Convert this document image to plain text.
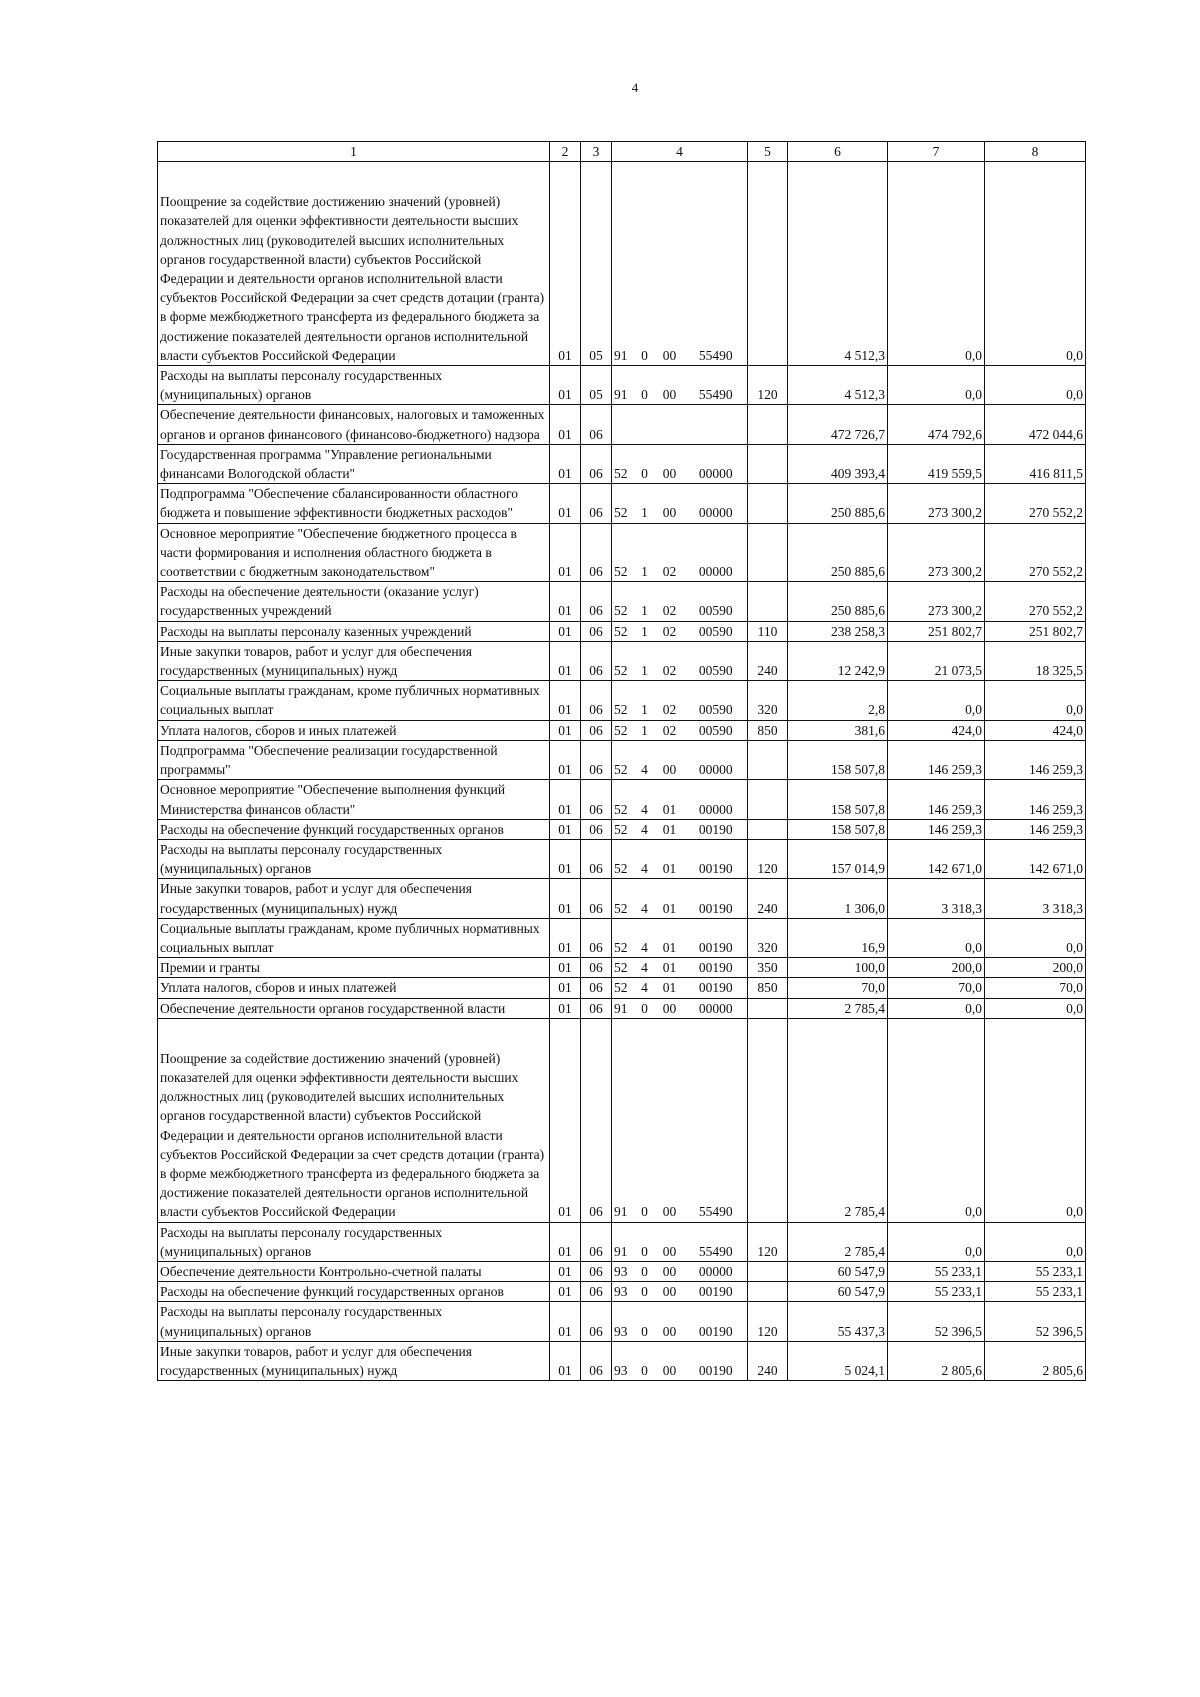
4
1	2	3	4				5	6	7	8
Поощрение за содействие достижению значений (уровней) показателей для оценки эффективности деятельности высших должностных лиц (руководителей высших исполнительных органов государственной власти) субъектов Российской Федерации и деятельности органов исполнительной власти субъектов Российской Федерации за счет средств дотации (гранта) в форме межбюджетного трансферта из федерального бюджета за достижение показателей деятельности органов исполнительной власти субъектов Российской Федерации	01	05	91	0	00	55490		4 512,3	0,0	0,0
Расходы на выплаты персоналу государственных (муниципальных) органов	01	05	91	0	00	55490	120	4 512,3	0,0	0,0
Обеспечение деятельности финансовых, налоговых и таможенных органов и органов финансового (финансово-бюджетного) надзора	01	06						472 726,7	474 792,6	472 044,6
Государственная программа "Управление региональными финансами Вологодской области"	01	06	52	0	00	00000		409 393,4	419 559,5	416 811,5
Подпрограмма "Обеспечение сбалансированности областного бюджета и повышение эффективности бюджетных расходов"	01	06	52	1	00	00000		250 885,6	273 300,2	270 552,2
Основное мероприятие "Обеспечение бюджетного процесса в части формирования и исполнения областного бюджета в соответствии с бюджетным законодательством"	01	06	52	1	02	00000		250 885,6	273 300,2	270 552,2
Расходы на обеспечение деятельности (оказание услуг) государственных учреждений	01	06	52	1	02	00590		250 885,6	273 300,2	270 552,2
Расходы на выплаты персоналу казенных учреждений	01	06	52	1	02	00590	110	238 258,3	251 802,7	251 802,7
Иные закупки товаров, работ и услуг для обеспечения государственных (муниципальных) нужд	01	06	52	1	02	00590	240	12 242,9	21 073,5	18 325,5
Социальные выплаты гражданам, кроме публичных нормативных социальных выплат	01	06	52	1	02	00590	320	2,8	0,0	0,0
Уплата налогов, сборов и иных платежей	01	06	52	1	02	00590	850	381,6	424,0	424,0
Подпрограмма "Обеспечение реализации государственной программы"	01	06	52	4	00	00000		158 507,8	146 259,3	146 259,3
Основное мероприятие "Обеспечение выполнения функций Министерства финансов области"	01	06	52	4	01	00000		158 507,8	146 259,3	146 259,3
Расходы на обеспечение функций государственных органов	01	06	52	4	01	00190		158 507,8	146 259,3	146 259,3
Расходы на выплаты персоналу государственных (муниципальных) органов	01	06	52	4	01	00190	120	157 014,9	142 671,0	142 671,0
Иные закупки товаров, работ и услуг для обеспечения государственных (муниципальных) нужд	01	06	52	4	01	00190	240	1 306,0	3 318,3	3 318,3
Социальные выплаты гражданам, кроме публичных нормативных социальных выплат	01	06	52	4	01	00190	320	16,9	0,0	0,0
Премии и гранты	01	06	52	4	01	00190	350	100,0	200,0	200,0
Уплата налогов, сборов и иных платежей	01	06	52	4	01	00190	850	70,0	70,0	70,0
Обеспечение деятельности органов государственной власти	01	06	91	0	00	00000		2 785,4	0,0	0,0
Поощрение за содействие достижению значений (уровней) показателей для оценки эффективности деятельности высших должностных лиц (руководителей высших исполнительных органов государственной власти) субъектов Российской Федерации и деятельности органов исполнительной власти субъектов Российской Федерации за счет средств дотации (гранта) в форме межбюджетного трансферта из федерального бюджета за достижение показателей деятельности органов исполнительной власти субъектов Российской Федерации	01	06	91	0	00	55490		2 785,4	0,0	0,0
Расходы на выплаты персоналу государственных (муниципальных) органов	01	06	91	0	00	55490	120	2 785,4	0,0	0,0
Обеспечение деятельности Контрольно-счетной палаты	01	06	93	0	00	00000		60 547,9	55 233,1	55 233,1
Расходы на обеспечение функций государственных органов	01	06	93	0	00	00190		60 547,9	55 233,1	55 233,1
Расходы на выплаты персоналу государственных (муниципальных) органов	01	06	93	0	00	00190	120	55 437,3	52 396,5	52 396,5
Иные закупки товаров, работ и услуг для обеспечения государственных (муниципальных) нужд	01	06	93	0	00	00190	240	5 024,1	2 805,6	2 805,6
